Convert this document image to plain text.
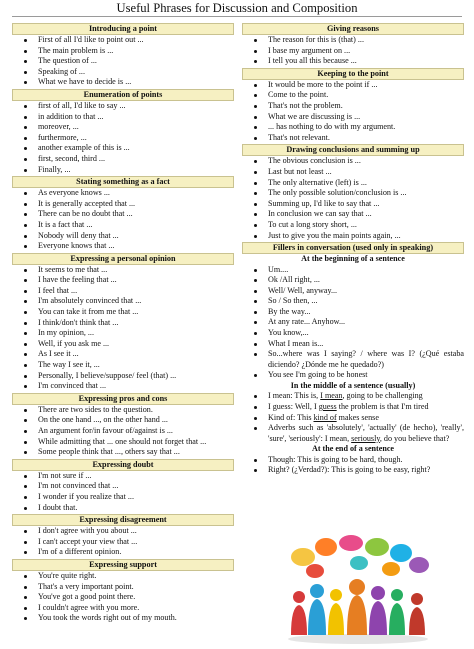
Useful Phrases for Discussion and Composition
Introducing a point
First of all I'd like to point out ...
The main problem is ...
The question of ...
Speaking of ...
What we have to decide is ...
Enumeration of points
first of all, I'd like to say ...
in addition to that ...
moreover, ...
furthermore, ...
another example of this is ...
first, second, third ...
Finally, ...
Stating something as a fact
As everyone knows ...
It is generally accepted that ...
There can be no doubt that ...
It is a fact that ...
Nobody will deny that ...
Everyone knows that ...
Expressing a personal opinion
It seems to me that ...
I have the feeling that ...
I feel that ...
I'm absolutely convinced that ...
You can take it from me that ...
I think/don't think that ...
In my opinion, ...
Well, if you ask me ...
As I see it ...
The way I see it, ...
Personally, I believe/suppose/ feel (that) ...
I'm convinced that ...
Expressing pros and cons
There are two sides to the question.
On the one hand ..., on the other hand ...
An argument for/in favour of/against is ...
While admitting that ... one should not forget that ...
Some people think that ..., others say that ...
Expressing doubt
I'm not sure if ...
I'm not convinced that ...
I wonder if you realize that ...
I doubt that.
Expressing disagreement
I don't agree with you about ...
I can't accept your view that ...
I'm of a different opinion.
Expressing support
You're quite right.
That's a very important point.
You've got a good point there.
I couldn't agree with you more.
You took the words right out of my mouth.
Giving reasons
The reason for this is (that) ...
I base my argument on ...
I tell you all this because ...
Keeping to the point
It would be more to the point if ...
Come to the point.
That's not the problem.
What we are discussing is ...
... has nothing to do with my argument.
That's not relevant.
Drawing conclusions and summing up
The obvious conclusion is ...
Last but not least ...
The only alternative (left) is ...
The only possible solution/conclusion is ...
Summing up, I'd like to say that ...
In conclusion we can say that ...
To cut a long story short, ...
Just to give you the main points again, ...
Fillers in conversation (used only in speaking)
At the beginning of a sentence
Um....
Ok /All right, ...
Well/ Well, anyway...
So / So then, ...
By the way...
At any rate... Anyhow...
You know,...
What I mean is...
So...where was I saying? / where was I? (¿Qué estaba diciendo? ¿Dónde me he quedado?)
You see I'm going to be honest
In the middle of a sentence (usually)
I mean: This is, I mean, going to be challenging
I guess: Well, I guess the problem is that I'm tired
Kind of: This kind of makes sense
Adverbs such as 'absolutely', 'actually' (de hecho), 'really', 'sure', 'seriously': I mean, seriously, do you believe that?
At the end of a sentence
Though: This is going to be hard, though.
Right? (¿Verdad?): This is going to be easy, right?
